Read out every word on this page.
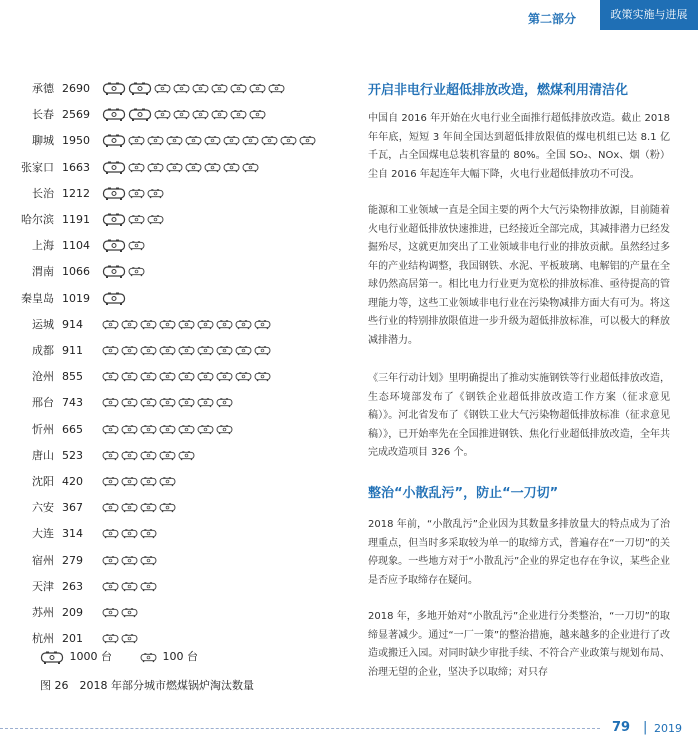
第二部分	政策实施与进展
承德 2690
长春 2569
聊城 1950
张家口 1663
长治 1212
哈尔滨 1191
上海 1104
渭南 1066
秦皇岛 1019
运城 914
成都 911
沧州 855
邢台 743
忻州 665
唐山 523
沈阳 420
六安 367
大连 314
宿州 279
天津 263
苏州 209
杭州 201
1000 台	100 台
图 26　2018 年部分城市燃煤锅炉淘汰数量
开启非电行业超低排放改造，燃煤利用清洁化

中国自 2016 年开始在火电行业全面推行超低排放改造。截止 2018 年年底，短短 3 年间全国达到超低排放限值的煤电机组已达 8.1 亿千瓦，占全国煤电总装机容量的 80%。全国 SO₂、NOx、烟（粉）尘自 2016 年起连年大幅下降，火电行业超低排放功不可没。

能源和工业领域一直是全国主要的两个大气污染物排放源，目前随着火电行业超低排放快速推进，已经接近全部完成，其减排潜力已经发掘殆尽，这就更加突出了工业领域非电行业的排放贡献。虽然经过多年的产业结构调整，我国钢铁、水泥、平板玻璃、电解铝的产量在全球仍然高居第一。相比电力行业更为宽松的排放标准、亟待提高的管理能力等，这些工业领域非电行业在污染物减排方面大有可为。将这些行业的特别排放限值进一步升级为超低排放标准，可以极大的释放减排潜力。

《三年行动计划》里明确提出了推动实施钢铁等行业超低排放改造，生态环境部发布了《钢铁企业超低排放改造工作方案（征求意见稿）》。河北省发布了《钢铁工业大气污染物超低排放标准（征求意见稿）》，已开始率先在全国推进钢铁、焦化行业超低排放改造，全年共完成改造项目 326 个。

整治“小散乱污”，防止“一刀切”

2018 年前，“小散乱污”企业因为其数量多排放量大的特点成为了治理重点，但当时多采取较为单一的取缔方式，普遍存在“一刀切”的关停现象。一些地方对于“小散乱污”企业的界定也存在争议，某些企业是否应予取缔存在疑问。

2018 年，多地开始对“小散乱污”企业进行分类整治，“一刀切”的取缔显著减少。通过“一厂一策”的整治措施，越来越多的企业进行了改造或搬迁入园。对同时缺少审批手续、不符合产业政策与规划布局、治理无望的企业，坚决予以取缔；对只存

79 | 2019
